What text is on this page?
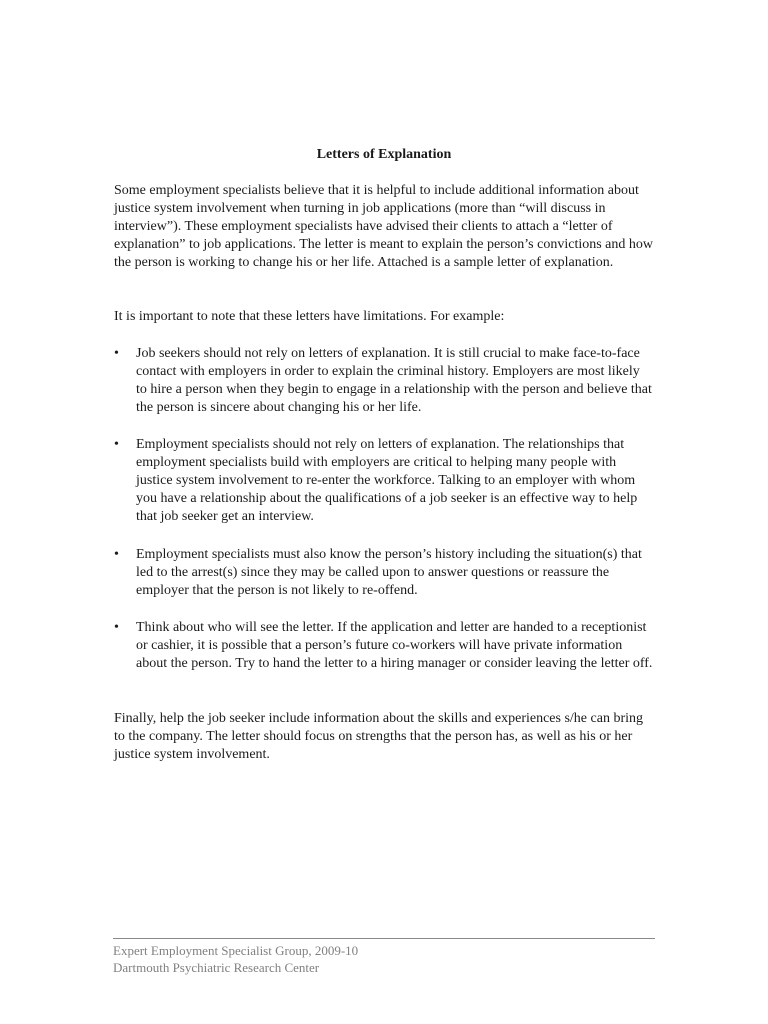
Letters of Explanation
Some employment specialists believe that it is helpful to include additional information about justice system involvement when turning in job applications (more than “will discuss in interview”). These employment specialists have advised their clients to attach a “letter of explanation” to job applications. The letter is meant to explain the person’s convictions and how the person is working to change his or her life. Attached is a sample letter of explanation.
It is important to note that these letters have limitations. For example:
•	Job seekers should not rely on letters of explanation. It is still crucial to make face-to-face contact with employers in order to explain the criminal history. Employers are most likely to hire a person when they begin to engage in a relationship with the person and believe that the person is sincere about changing his or her life.
•	Employment specialists should not rely on letters of explanation. The relationships that employment specialists build with employers are critical to helping many people with justice system involvement to re-enter the workforce. Talking to an employer with whom you have a relationship about the qualifications of a job seeker is an effective way to help that job seeker get an interview.
•	Employment specialists must also know the person’s history including the situation(s) that led to the arrest(s) since they may be called upon to answer questions or reassure the employer that the person is not likely to re-offend.
•	Think about who will see the letter. If the application and letter are handed to a receptionist or cashier, it is possible that a person’s future co-workers will have private information about the person. Try to hand the letter to a hiring manager or consider leaving the letter off.
Finally, help the job seeker include information about the skills and experiences s/he can bring to the company. The letter should focus on strengths that the person has, as well as his or her justice system involvement.
Expert Employment Specialist Group, 2009-10
Dartmouth Psychiatric Research Center
